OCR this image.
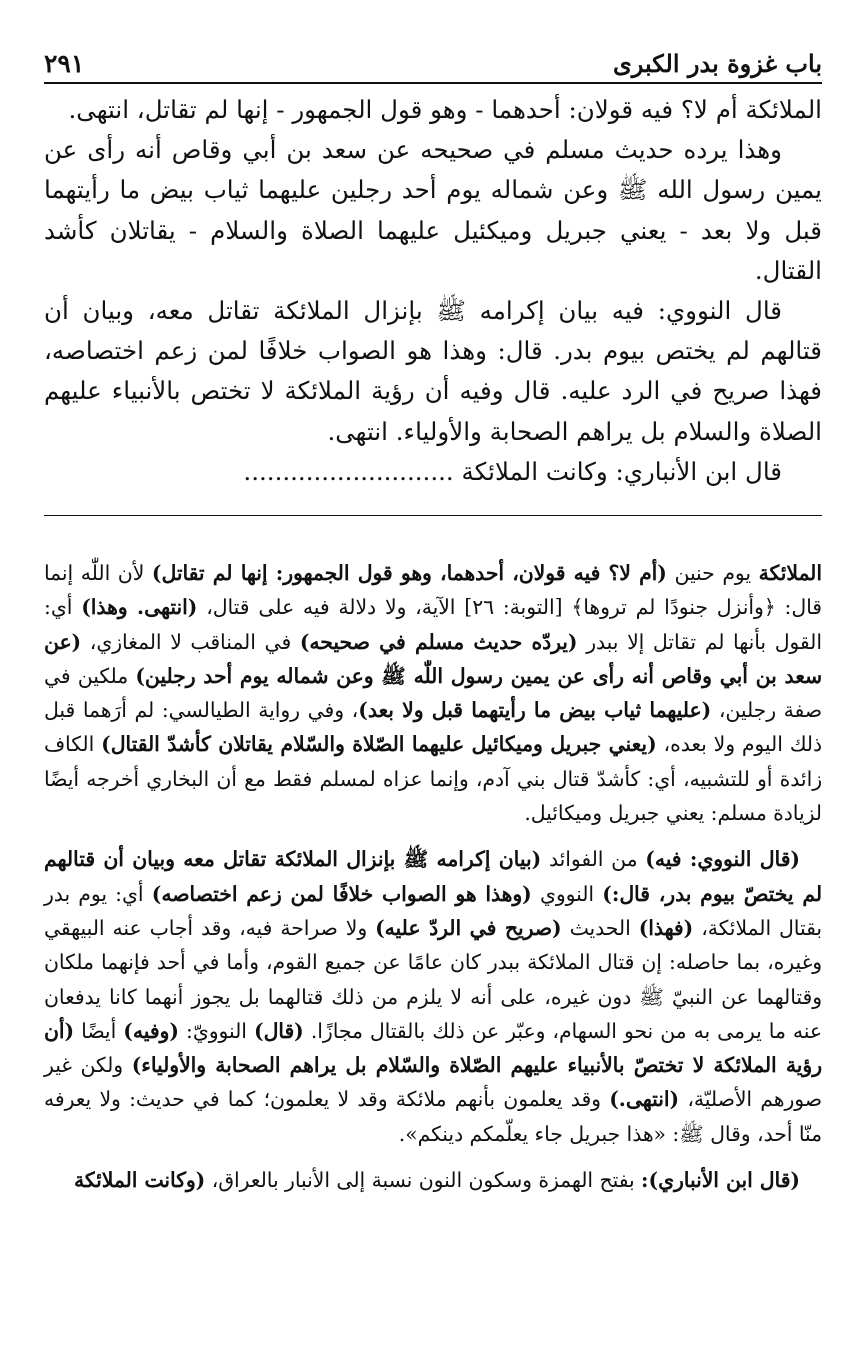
باب غزوة بدر الكبرى
٢٩١

الملائكة أم لا؟ فيه قولان: أحدهما - وهو قول الجمهور - إنها لم تقاتل، انتهى.

وهذا يرده حديث مسلم في صحيحه عن سعد بن أبي وقاص أنه رأى عن يمين رسول الله ﷺ وعن شماله يوم أحد رجلين عليهما ثياب بيض ما رأيتهما قبل ولا بعد - يعني جبريل وميكئيل عليهما الصلاة والسلام - يقاتلان كأشد القتال.

قال النووي: فيه بيان إكرامه ﷺ بإنزال الملائكة تقاتل معه، وبيان أن قتالهم لم يختص بيوم بدر. قال: وهذا هو الصواب خلافًا لمن زعم اختصاصه، فهذا صريح في الرد عليه. قال وفيه أن رؤية الملائكة لا تختص بالأنبياء عليهم الصلاة والسلام بل يراهم الصحابة والأولياء. انتهى.

قال ابن الأنباري: وكانت الملائكة ...........................

الملائكة يوم حنين (أم لا؟ فيه قولان، أحدهما، وهو قول الجمهور: إنها لم تقاتل) لأن اللّٰه إنما قال: ﴿وأنزل جنودًا لم تروها﴾ [التوبة: ٢٦] الآية، ولا دلالة فيه على قتال، (انتهى. وهذا) أي: القول بأنها لم تقاتل إلا ببدر (يردّه حديث مسلم في صحيحه) في المناقب لا المغازي، (عن سعد بن أبي وقاص أنه رأى عن يمين رسول اللّٰه ﷺ وعن شماله يوم أحد رجلين) ملكين في صفة رجلين، (عليهما ثياب بيض ما رأيتهما قبل ولا بعد)، وفي رواية الطيالسي: لم أرَهما قبل ذلك اليوم ولا بعده، (يعني جبريل وميكائيل عليهما الصّلاة والسّلام يقاتلان كأشدّ القتال) الكاف زائدة أو للتشبيه، أي: كأشدّ قتال بني آدم، وإنما عزاه لمسلم فقط مع أن البخاري أخرجه أيضًا لزيادة مسلم: يعني جبريل وميكائيل.

(قال النووي: فيه) من الفوائد (بيان إكرامه ﷺ بإنزال الملائكة تقاتل معه وبيان أن قتالهم لم يختصّ بيوم بدر، قال:) النووي (وهذا هو الصواب خلافًا لمن زعم اختصاصه) أي: يوم بدر بقتال الملائكة، (فهذا) الحديث (صريح في الردّ عليه) ولا صراحة فيه، وقد أجاب عنه البيهقي وغيره، بما حاصله: إن قتال الملائكة ببدر كان عامًا عن جميع القوم، وأما في أحد فإنهما ملكان وقتالهما عن النبيّ ﷺ دون غيره، على أنه لا يلزم من ذلك قتالهما بل يجوز أنهما كانا يدفعان عنه ما يرمى به من نحو السهام، وعبّر عن ذلك بالقتال مجازًا. (قال) النوويّ: (وفيه) أيضًا (أن رؤية الملائكة لا تختصّ بالأنبياء عليهم الصّلاة والسّلام بل يراهم الصحابة والأولياء) ولكن غير صورهم الأصليّة، (انتهى.) وقد يعلمون بأنهم ملائكة وقد لا يعلمون؛ كما في حديث: ولا يعرفه منّا أحد، وقال ﷺ: «هذا جبريل جاء يعلّمكم دينكم».

(قال ابن الأنباري): بفتح الهمزة وسكون النون نسبة إلى الأنبار بالعراق، (وكانت الملائكة
